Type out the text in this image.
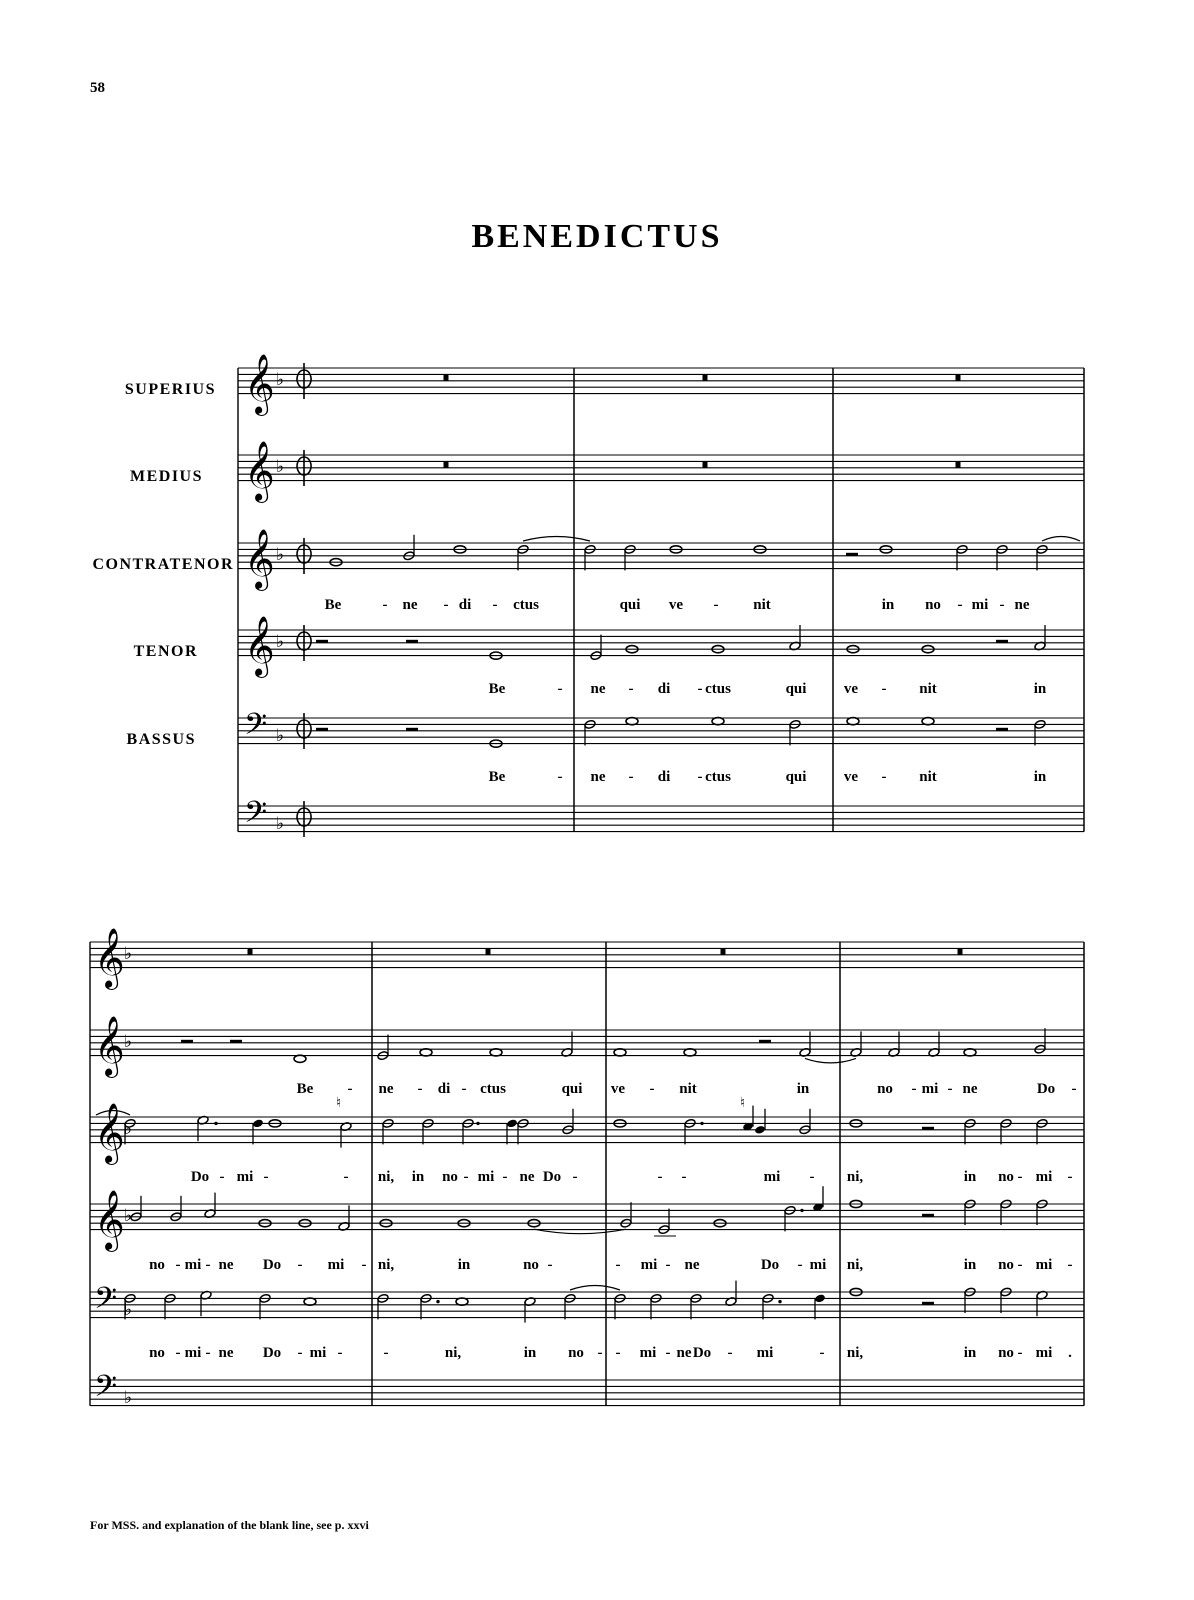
58
BENEDICTUS
SUPERIUS
MEDIUS
CONTRATENOR
TENOR
BASSUS
𝄞 ♭
𝄞 ♭
𝄞 ♭
𝄞 ♭
𝄢 ♭
𝄢 ♭
Be	- ne - di - ctus	qui ve - nit	in no - mi - ne
Be	- ne - di - ctus	qui ve - nit	in
Be	- ne - di - ctus	qui ve - nit	in
𝄞 ♭
𝄞 ♭
𝄞 ♭
𝄞 ♭
𝄢 ♭
𝄢 ♭
♮	♮
Be - ne - di - ctus	qui ve - nit	in	no - mi - ne	Do -
Do - mi -	- ni, in no - mi - ne Do -	- -	mi - ni,	in no - mi -
no - mi - ne Do - mi - ni,	in	no -	- mi - ne	Do - mi ni,	in no - mi -
no - mi - ne Do - mi -	-	ni,	in no - - mi - ne Do - mi	- ni,	in no - mi .
For MSS. and explanation of the blank line, see p. xxvi
